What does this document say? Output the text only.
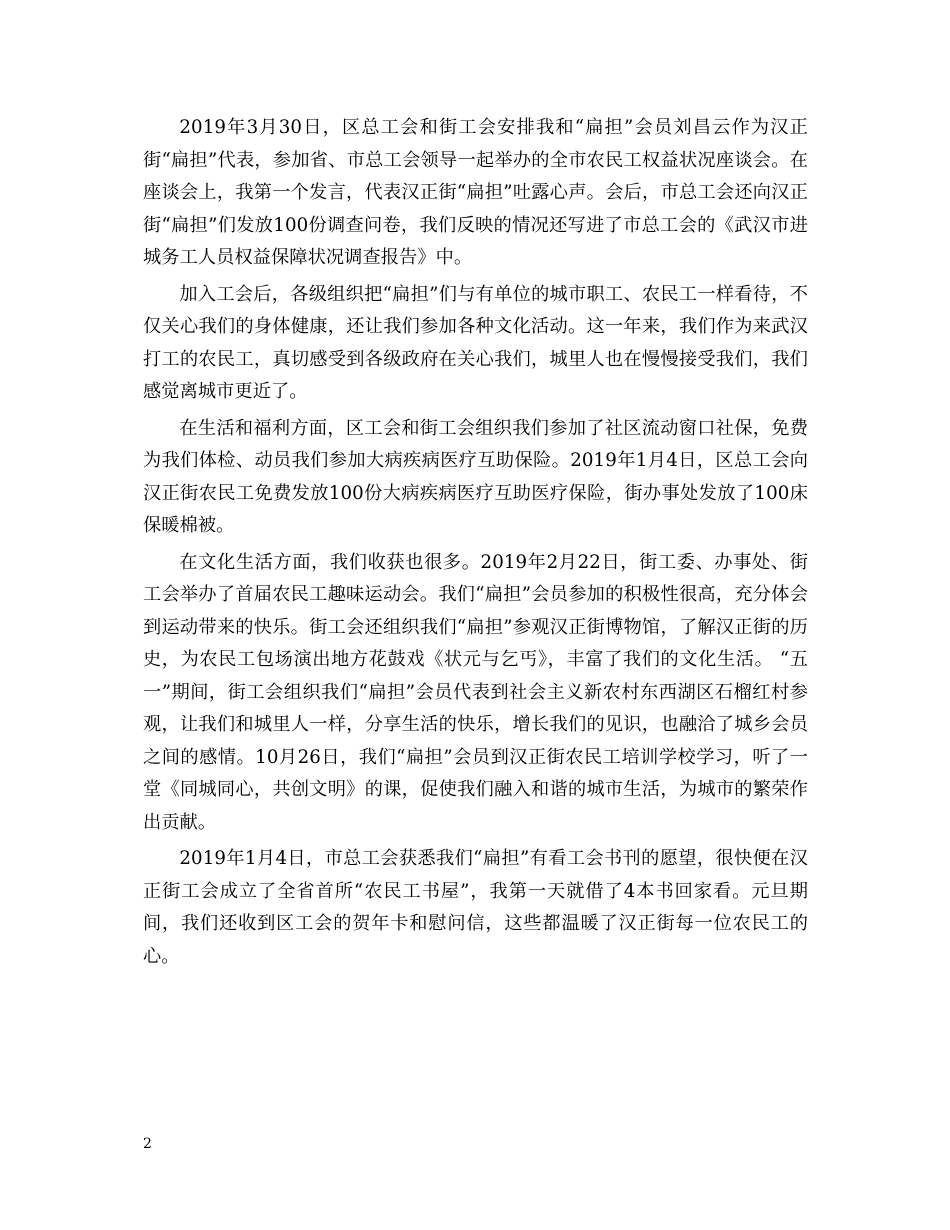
2019年3月30日，区总工会和街工会安排我和“扁担”会员刘昌云作为汉正街“扁担”代表，参加省、市总工会领导一起举办的全市农民工权益状况座谈会。在座谈会上，我第一个发言，代表汉正街“扁担”吐露心声。会后，市总工会还向汉正街“扁担”们发放100份调查问卷，我们反映的情况还写进了市总工会的《武汉市进城务工人员权益保障状况调查报告》中。

加入工会后，各级组织把“扁担”们与有单位的城市职工、农民工一样看待，不仅关心我们的身体健康，还让我们参加各种文化活动。这一年来，我们作为来武汉打工的农民工，真切感受到各级政府在关心我们，城里人也在慢慢接受我们，我们感觉离城市更近了。

在生活和福利方面，区工会和街工会组织我们参加了社区流动窗口社保，免费为我们体检、动员我们参加大病疾病医疗互助保险。2019年1月4日，区总工会向汉正街农民工免费发放100份大病疾病医疗互助医疗保险，街办事处发放了100床保暖棉被。

在文化生活方面，我们收获也很多。2019年2月22日，街工委、办事处、街工会举办了首届农民工趣味运动会。我们“扁担”会员参加的积极性很高，充分体会到运动带来的快乐。街工会还组织我们“扁担”参观汉正街博物馆，了解汉正街的历史，为农民工包场演出地方花鼓戏《状元与乞丐》，丰富了我们的文化生活。 “五一”期间，街工会组织我们“扁担”会员代表到社会主义新农村东西湖区石榴红村参观，让我们和城里人一样，分享生活的快乐，增长我们的见识，也融洽了城乡会员之间的感情。10月26日，我们“扁担”会员到汉正街农民工培训学校学习，听了一堂《同城同心，共创文明》的课，促使我们融入和谐的城市生活，为城市的繁荣作出贡献。

2019年1月4日，市总工会获悉我们“扁担”有看工会书刊的愿望，很快便在汉正街工会成立了全省首所“农民工书屋”，我第一天就借了4本书回家看。元旦期间，我们还收到区工会的贺年卡和慰问信，这些都温暖了汉正街每一位农民工的心。

2
